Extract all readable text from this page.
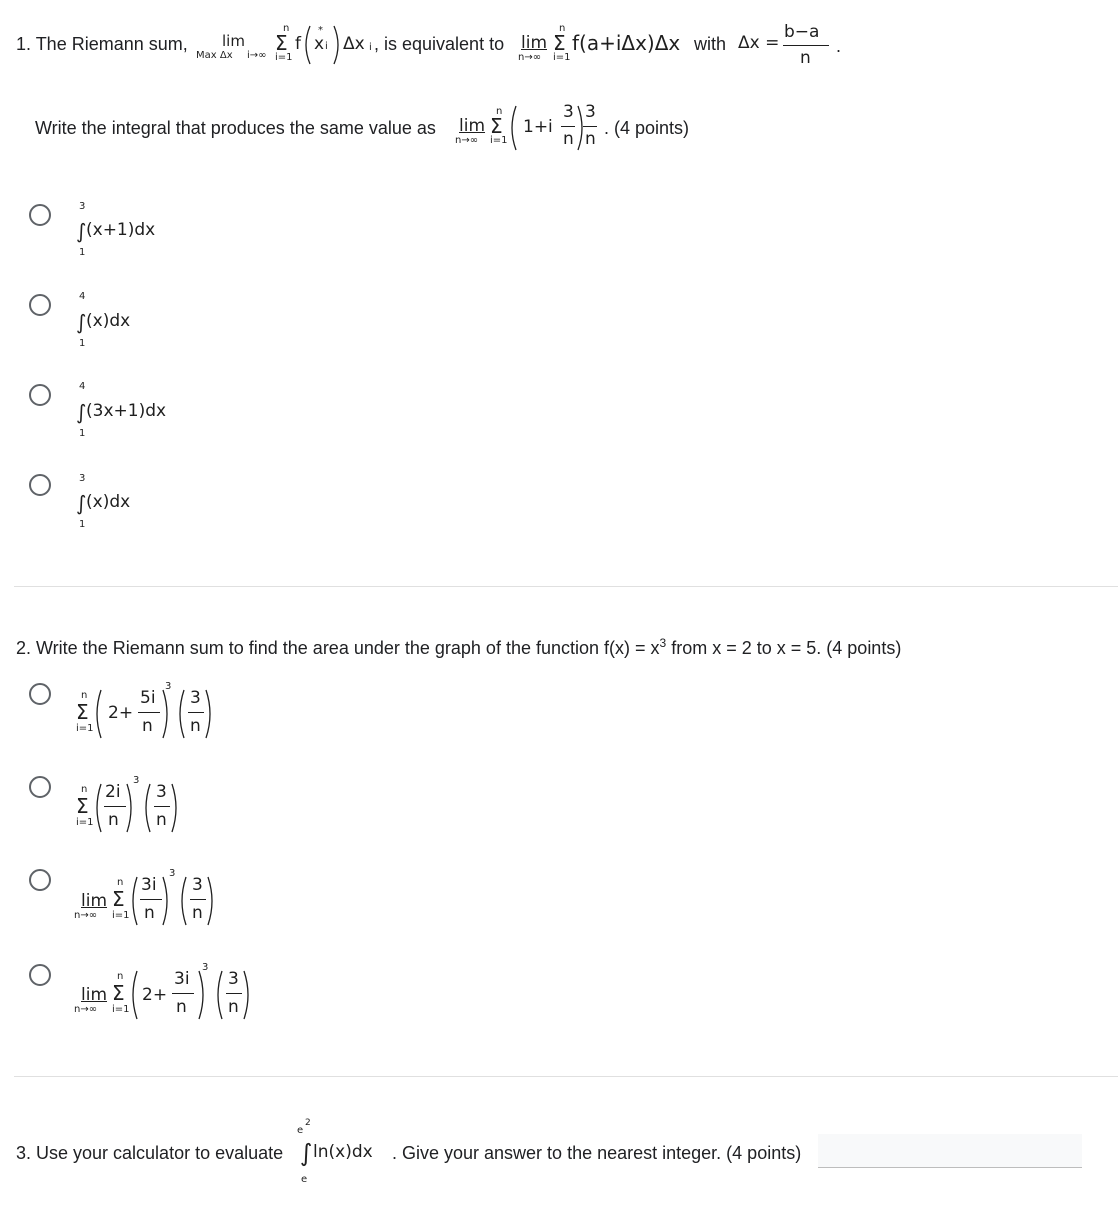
1. The Riemann sum, lim
Max Δx i→∞
n
Σ
i=1
f
*
x i Δx i , is equivalent to lim
n→∞
n
Σ
i=1
f(a+iΔx)Δx with Δx =
b−a
n
.
Write the integral that produces the same value as lim
n→∞
n
Σ
i=1
1+i
3
n
3
n
. (4 points)
3
∫ (x+1)dx
1
4
∫ (x)dx
1
4
∫ (3x+1)dx
1
3
∫ (x)dx
1
2. Write the Riemann sum to find the area under the graph of the function $f(x) = x^3$ from x = 2 to x = 5. (4 points)
n
Σ
i=1
2+
5i
n
3
3
n
n
Σ
i=1
2i
n
3
3
n
lim
n→∞
n
Σ
i=1
3i
n
3
3
n
lim
n→∞
n
Σ
i=1
2+
3i
n
3
3
n
3. Use your calculator to evaluate
e
2
∫ ln(x)dx
e
. Give your answer to the nearest integer. (4 points)
